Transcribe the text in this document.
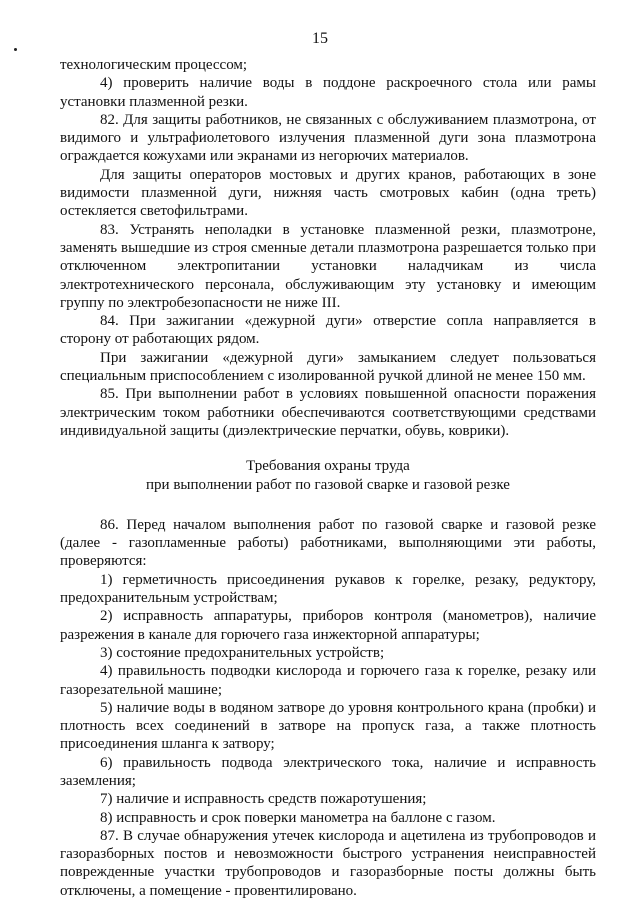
15

технологическим процессом;

4) проверить наличие воды в поддоне раскроечного стола или рамы установки плазменной резки.

82. Для защиты работников, не связанных с обслуживанием плазмотрона, от видимого и ультрафиолетового излучения плазменной дуги зона плазмотрона ограждается кожухами или экранами из негорючих материалов.

Для защиты операторов мостовых и других кранов, работающих в зоне видимости плазменной дуги, нижняя часть смотровых кабин (одна треть) остекляется светофильтрами.

83. Устранять неполадки в установке плазменной резки, плазмотроне, заменять вышедшие из строя сменные детали плазмотрона разрешается только при отключенном электропитании установки наладчикам из числа электротехнического персонала, обслуживающим эту установку и имеющим группу по электробезопасности не ниже III.

84. При зажигании «дежурной дуги» отверстие сопла направляется в сторону от работающих рядом.

При зажигании «дежурной дуги» замыканием следует пользоваться специальным приспособлением с изолированной ручкой длиной не менее 150 мм.

85. При выполнении работ в условиях повышенной опасности поражения электрическим током работники обеспечиваются соответствующими средствами индивидуальной защиты (диэлектрические перчатки, обувь, коврики).

Требования охраны труда

при выполнении работ по газовой сварке и газовой резке

86. Перед началом выполнения работ по газовой сварке и газовой резке (далее - газопламенные работы) работниками, выполняющими эти работы, проверяются:

1) герметичность присоединения рукавов к горелке, резаку, редуктору, предохранительным устройствам;

2) исправность аппаратуры, приборов контроля (манометров), наличие разрежения в канале для горючего газа инжекторной аппаратуры;

3) состояние предохранительных устройств;

4) правильность подводки кислорода и горючего газа к горелке, резаку или газорезательной машине;

5) наличие воды в водяном затворе до уровня контрольного крана (пробки) и плотность всех соединений в затворе на пропуск газа, а также плотность присоединения шланга к затвору;

6) правильность подвода электрического тока, наличие и исправность заземления;

7) наличие и исправность средств пожаротушения;

8) исправность и срок поверки манометра на баллоне с газом.

87. В случае обнаружения утечек кислорода и ацетилена из трубопроводов и газоразборных постов и невозможности быстрого устранения неисправностей поврежденные участки трубопроводов и газоразборные посты должны быть отключены, а помещение - провентилировано.
